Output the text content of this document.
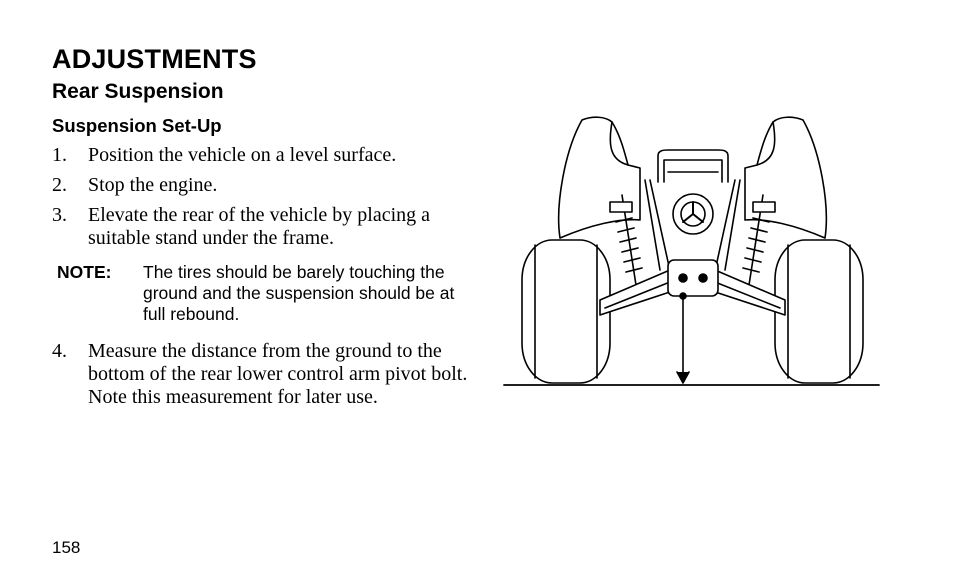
ADJUSTMENTS
Rear Suspension
Suspension Set-Up
1. Position the vehicle on a level surface.
2. Stop the engine.
3. Elevate the rear of the vehicle by placing a suitable stand under the frame.
NOTE: The tires should be barely touching the ground and the suspension should be at full rebound.
4. Measure the distance from the ground to the bottom of the rear lower control arm pivot bolt. Note this measurement for later use.
158
